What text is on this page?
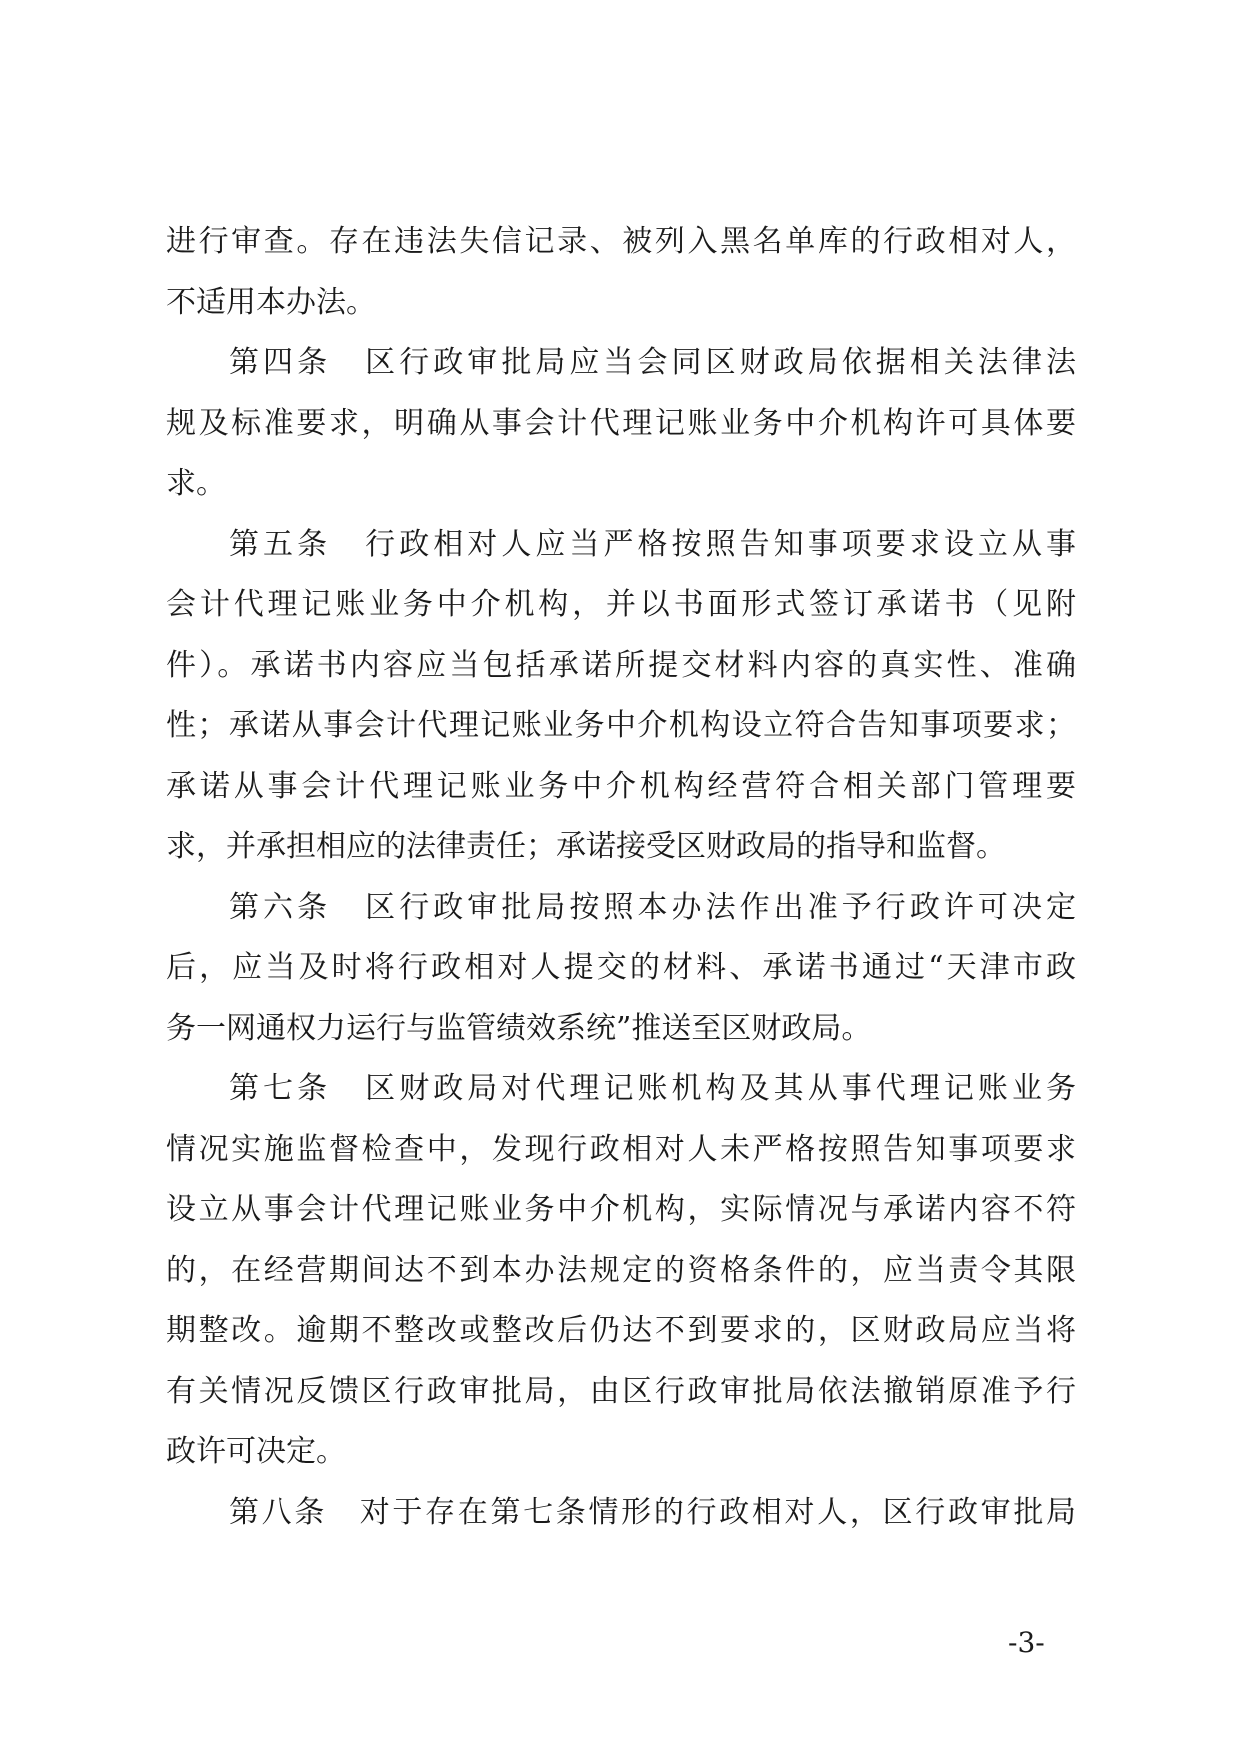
进行审查。存在违法失信记录、被列入黑名单库的行政相对人，
不适用本办法。
第四条　区行政审批局应当会同区财政局依据相关法律法
规及标准要求，明确从事会计代理记账业务中介机构许可具体要
求。
第五条　行政相对人应当严格按照告知事项要求设立从事
会计代理记账业务中介机构，并以书面形式签订承诺书（见附
件）。承诺书内容应当包括承诺所提交材料内容的真实性、准确
性；承诺从事会计代理记账业务中介机构设立符合告知事项要求；
承诺从事会计代理记账业务中介机构经营符合相关部门管理要
求，并承担相应的法律责任；承诺接受区财政局的指导和监督。
第六条　区行政审批局按照本办法作出准予行政许可决定
后，应当及时将行政相对人提交的材料、承诺书通过“天津市政
务一网通权力运行与监管绩效系统”推送至区财政局。
第七条　区财政局对代理记账机构及其从事代理记账业务
情况实施监督检查中，发现行政相对人未严格按照告知事项要求
设立从事会计代理记账业务中介机构，实际情况与承诺内容不符
的，在经营期间达不到本办法规定的资格条件的，应当责令其限
期整改。逾期不整改或整改后仍达不到要求的，区财政局应当将
有关情况反馈区行政审批局，由区行政审批局依法撤销原准予行
政许可决定。
第八条　对于存在第七条情形的行政相对人，区行政审批局
-3-
